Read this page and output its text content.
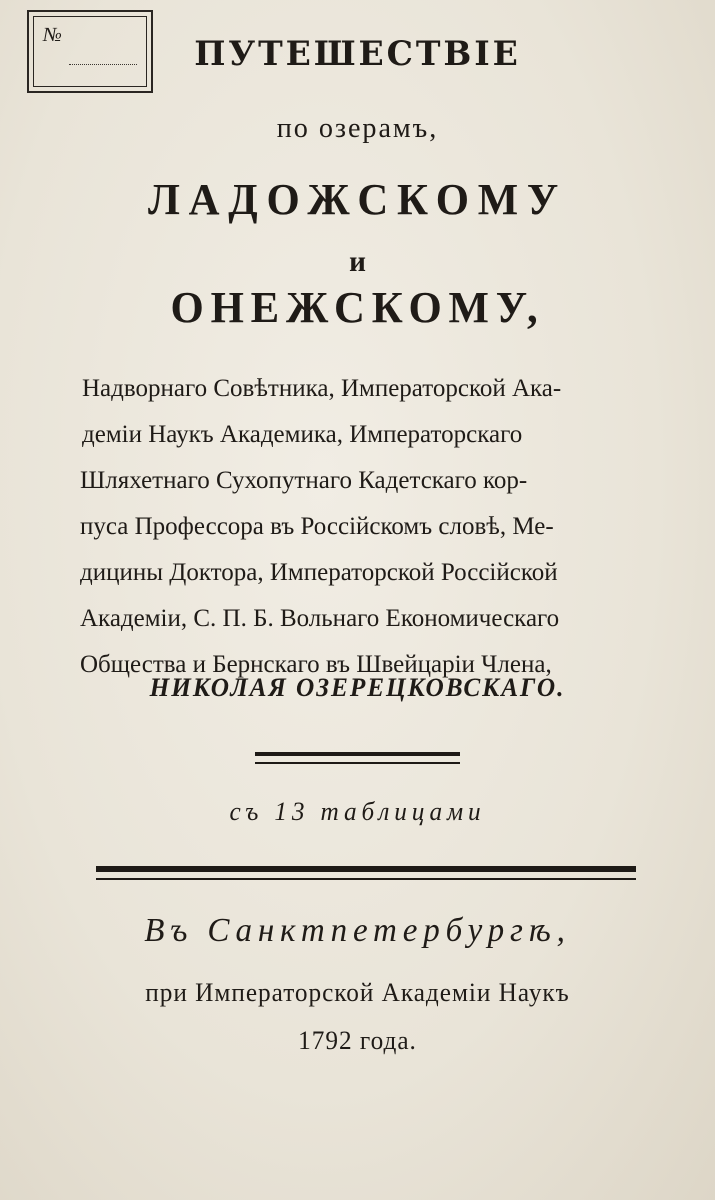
№	ПУТЕШЕСТВІЕ
по озерамъ,
ЛАДОЖСКОМУ
и
ОНЕЖСКОМУ,
Надворнаго Совѣтника, Императорской Ака-
деміи Наукъ Академика, Императорскаго
Шляхетнаго Сухопутнаго Кадетскаго кор-
пуса Профессора въ Россійскомъ словѣ, Ме-
дицины Доктора, Императорской Россійской
Академіи, С. П. Б. Вольнаго Економическаго
Общества и Бернскаго въ Швейцаріи Члена,
НИКОЛАЯ ОЗЕРЕЦКОВСКАГО.
съ 13 таблицами
Въ Санктпетербургѣ,
при Императорской Академіи Наукъ
1792 года.
